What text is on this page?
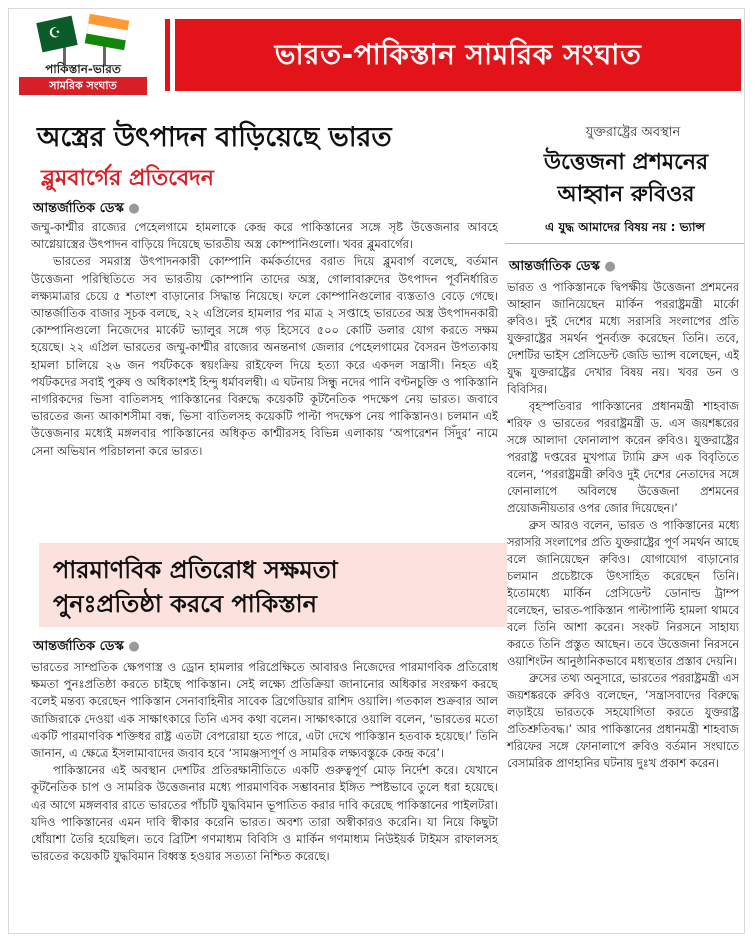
☪
পাকিস্তান-ভারত
সামরিক সংঘাত
ভারত-পাকিস্তান সামরিক সংঘাত
অস্ত্রের উৎপাদন বাড়িয়েছে ভারত
ব্লুমবার্গের প্রতিবেদন
আন্তর্জাতিক ডেস্ক ●

জম্মু-কাশ্মীর রাজ্যের পেহেলগামে হামলাকে কেন্দ্র করে পাকিস্তানের সঙ্গে সৃষ্ট উত্তেজনার আবহে আগ্নেয়াস্ত্রের উৎপাদন বাড়িয়ে দিয়েছে ভারতীয় অস্ত্র কোম্পানিগুলো। খবর ব্লুমবার্গের।

ভারতের সমরাস্ত্র উৎপাদনকারী কোম্পানি কর্মকর্তাদের বরাত দিয়ে ব্লুমবার্গ বলেছে, বর্তমান উত্তেজনা পরিস্থিতিতে সব ভারতীয় কোম্পানি তাদের অস্ত্র, গোলাবারুদের উৎপাদন পূর্বনির্ধারিত লক্ষ্যমাত্রার চেয়ে ৫ শতাংশ বাড়ানোর সিদ্ধান্ত নিয়েছে। ফলে কোম্পানিগুলোর ব্যস্ততাও বেড়ে গেছে। আন্তর্জাতিক বাজার সূচক বলছে, ২২ এপ্রিলের হামলার পর মাত্র ২ সপ্তাহে ভারতের অস্ত্র উৎপাদনকারী কোম্পানিগুলো নিজেদের মার্কেট ভ্যালুর সঙ্গে গড় হিসেবে ৫০০ কোটি ডলার যোগ করতে সক্ষম হয়েছে। ২২ এপ্রিল ভারতের জম্মু-কাশ্মীর রাজ্যের অনন্তনাগ জেলার পেহেলগামের বৈসরন উপত্যকায় হামলা চালিয়ে ২৬ জন পর্যটককে স্বয়ংক্রিয় রাইফেল দিয়ে হত্যা করে একদল সন্ত্রাসী। নিহত এই পর্যটকদের সবাই পুরুষ ও অধিকাংশই হিন্দু ধর্মাবলম্বী। এ ঘটনায় সিন্ধু নদের পানি বণ্টনচুক্তি ও পাকিস্তানি নাগরিকদের ভিসা বাতিলসহ পাকিস্তানের বিরুদ্ধে কয়েকটি কূটনৈতিক পদক্ষেপ নেয় ভারত। জবাবে ভারতের জন্য আকাশসীমা বন্ধ, ভিসা বাতিলসহ কয়েকটি পাল্টা পদক্ষেপ নেয় পাকিস্তানও। চলমান এই উত্তেজনার মধ্যেই মঙ্গলবার পাকিস্তানের অধিকৃত কাশ্মীরসহ বিভিন্ন এলাকায় ‘অপারেশন সিঁদুর’ নামে সেনা অভিযান পরিচালনা করে ভারত।

পারমাণবিক প্রতিরোধ সক্ষমতা
পুনঃপ্রতিষ্ঠা করবে পাকিস্তান
আন্তর্জাতিক ডেস্ক ●

ভারতের সাম্প্রতিক ক্ষেপণাস্ত্র ও ড্রোন হামলার পরিপ্রেক্ষিতে আবারও নিজেদের পারমাণবিক প্রতিরোধ ক্ষমতা পুনঃপ্রতিষ্ঠা করতে চাইছে পাকিস্তান। সেই লক্ষ্যে প্রতিক্রিয়া জানানোর অধিকার সংরক্ষণ করছে বলেই মন্তব্য করেছেন পাকিস্তান সেনাবাহিনীর সাবেক ব্রিগেডিয়ার রাশিদ ওয়ালি। গতকাল শুক্রবার আল জাজিরাকে দেওয়া এক সাক্ষাৎকারে তিনি এসব কথা বলেন। সাক্ষাৎকারে ওয়ালি বলেন, ‘ভারতের মতো একটি পারমাণবিক শক্তিধর রাষ্ট্র এতটা বেপরোয়া হতে পারে, এটা দেখে পাকিস্তান হতবাক হয়েছে।’ তিনি জানান, এ ক্ষেত্রে ইসলামাবাদের জবাব হবে ‘সামঞ্জস্যপূর্ণ ও সামরিক লক্ষ্যবস্তুকে কেন্দ্র করে’।

পাকিস্তানের এই অবস্থান দেশটির প্রতিরক্ষানীতিতে একটি গুরুত্বপূর্ণ মোড় নির্দেশ করে। যেখানে কূটনৈতিক চাপ ও সামরিক উত্তেজনার মধ্যে পারমাণবিক সম্ভাবনার ইঙ্গিত স্পষ্টভাবে তুলে ধরা হয়েছে। এর আগে মঙ্গলবার রাতে ভারতের পাঁচটি যুদ্ধবিমান ভূপাতিত করার দাবি করেছে পাকিস্তানের পাইলটরা। যদিও পাকিস্তানের এমন দাবি স্বীকার করেনি ভারত। অবশ্য তারা অস্বীকারও করেনি। যা নিয়ে কিছুটা ধোঁয়াশা তৈরি হয়েছিল। তবে ব্রিটিশ গণমাধ্যম বিবিসি ও মার্কিন গণমাধ্যম নিউইয়র্ক টাইমস রাফালসহ ভারতের কয়েকটি যুদ্ধবিমান বিধ্বস্ত হওয়ার সত্যতা নিশ্চিত করেছে।

যুক্তরাষ্ট্রের অবস্থান
উত্তেজনা প্রশমনের
আহ্বান রুবিওর
এ যুদ্ধ আমাদের বিষয় নয় : ভ্যান্স
আন্তর্জাতিক ডেস্ক ●

ভারত ও পাকিস্তানকে দ্বিপক্ষীয় উত্তেজনা প্রশমনের আহ্বান জানিয়েছেন মার্কিন পররাষ্ট্রমন্ত্রী মার্কো রুবিও। দুই দেশের মধ্যে সরাসরি সংলাপের প্রতি যুক্তরাষ্ট্রের সমর্থন পুনর্ব্যক্ত করেছেন তিনি। তবে, দেশটির ভাইস প্রেসিডেন্ট জেডি ভ্যান্স বলেছেন, এই যুদ্ধ যুক্তরাষ্ট্রের দেখার বিষয় নয়। খবর ডন ও বিবিসির।

বৃহস্পতিবার পাকিস্তানের প্রধানমন্ত্রী শাহবাজ শরিফ ও ভারতের পররাষ্ট্রমন্ত্রী ড. এস জয়শঙ্করের সঙ্গে আলাদা ফোনালাপ করেন রুবিও। যুক্তরাষ্ট্রের পররাষ্ট্র দপ্তরের মুখপাত্র ট্যামি ব্রুস এক বিবৃতিতে বলেন, ‘পররাষ্ট্রমন্ত্রী রুবিও দুই দেশের নেতাদের সঙ্গে ফোনালাপে অবিলম্বে উত্তেজনা প্রশমনের প্রয়োজনীয়তার ওপর জোর দিয়েছেন।’

ব্রুস আরও বলেন, ভারত ও পাকিস্তানের মধ্যে সরাসরি সংলাপের প্রতি যুক্তরাষ্ট্রের পূর্ণ সমর্থন আছে বলে জানিয়েছেন রুবিও। যোগাযোগ বাড়ানোর চলমান প্রচেষ্টাকে উৎসাহিত করেছেন তিনি। ইতোমধ্যে মার্কিন প্রেসিডেন্ট ডোনাল্ড ট্রাম্প বলেছেন, ভারত-পাকিস্তান পাল্টাপাল্টি হামলা থামবে বলে তিনি আশা করেন। সংকট নিরসনে সাহায্য করতে তিনি প্রস্তুত আছেন। তবে উত্তেজনা নিরসনে ওয়াশিংটন আনুষ্ঠানিকভাবে মধ্যস্থতার প্রস্তাব দেয়নি।

ব্রুসের তথ্য অনুসারে, ভারতের পররাষ্ট্রমন্ত্রী এস জয়শঙ্করকে রুবিও বলেছেন, ‘সন্ত্রাসবাদের বিরুদ্ধে লড়াইয়ে ভারতকে সহযোগিতা করতে যুক্তরাষ্ট্র প্রতিশ্রুতিবদ্ধ।’ আর পাকিস্তানের প্রধানমন্ত্রী শাহবাজ শরিফের সঙ্গে ফোনালাপে রুবিও বর্তমান সংঘাতে বেসামরিক প্রাণহানির ঘটনায় দুঃখ প্রকাশ করেন।
